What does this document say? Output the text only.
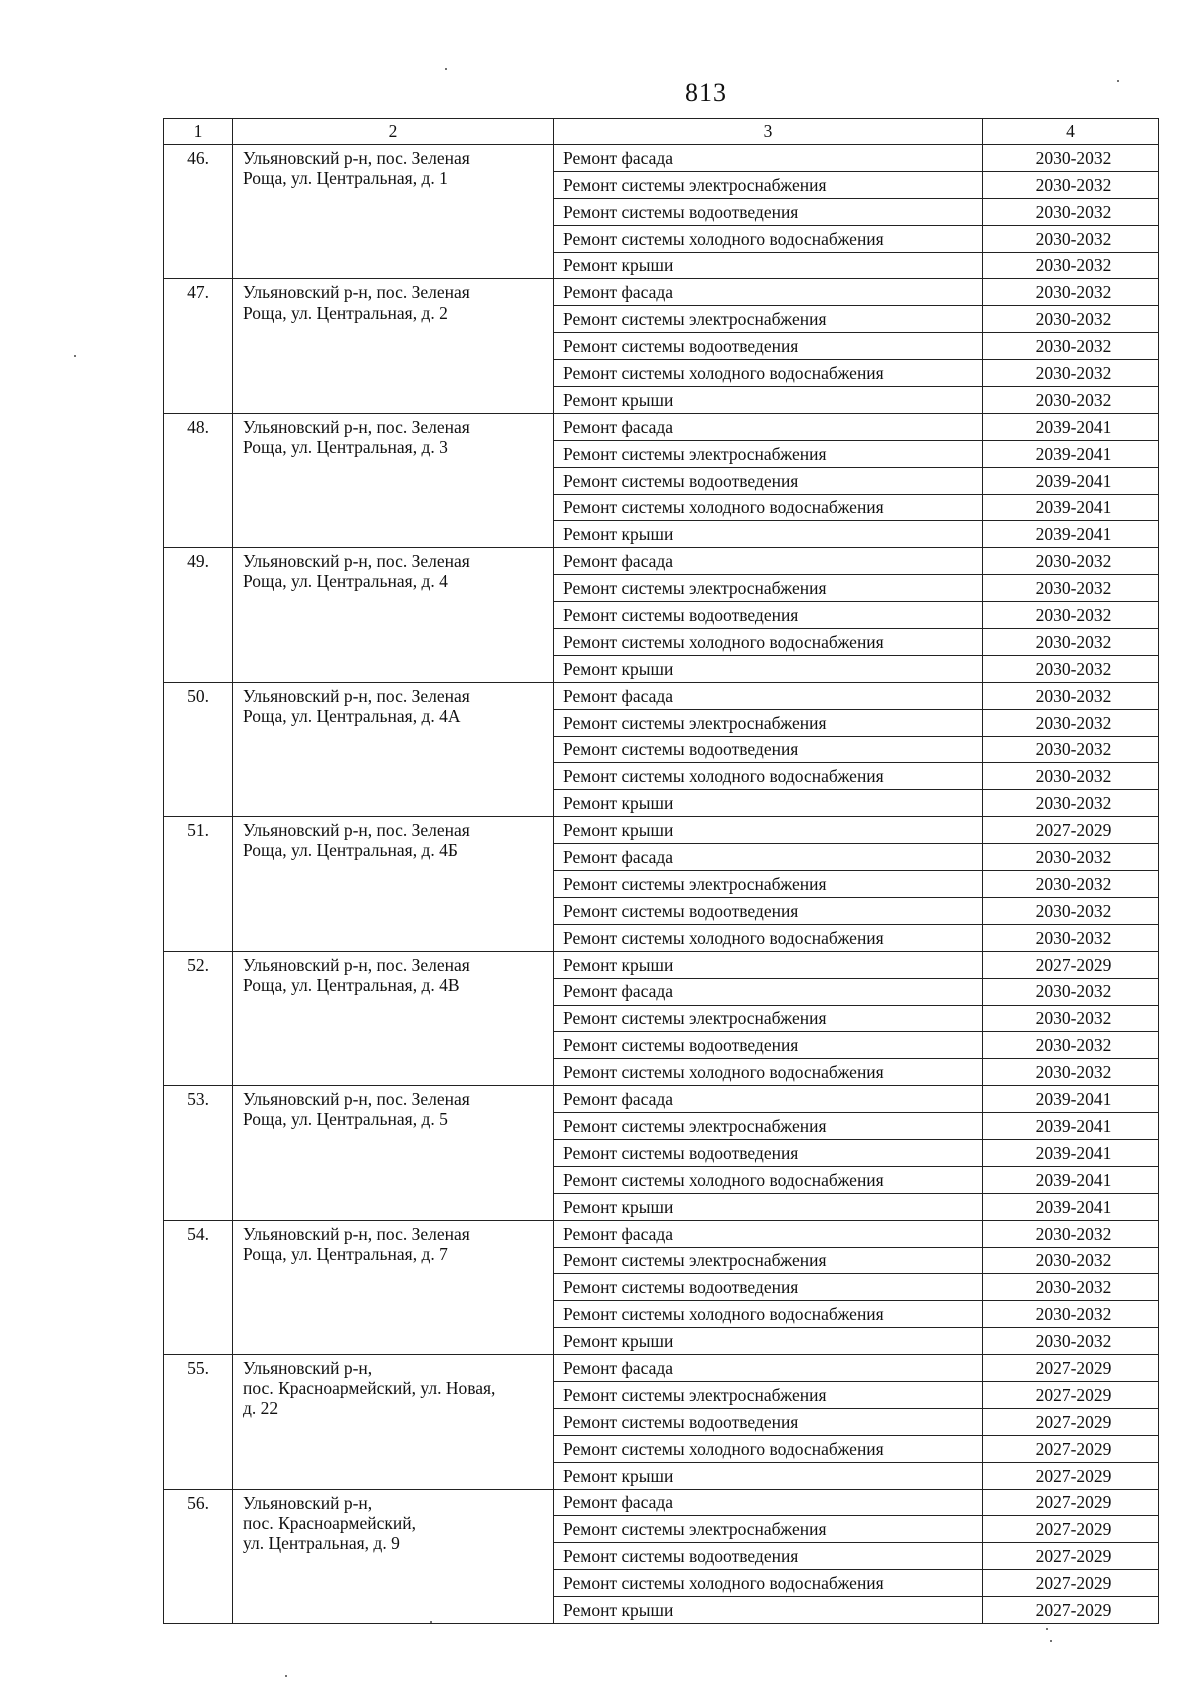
813
1	2	3	4
46.	Ульяновский р-н, пос. Зеленая
Роща, ул. Центральная, д. 1	Ремонт фасада	2030-2032
		Ремонт системы электроснабжения	2030-2032
		Ремонт системы водоотведения	2030-2032
		Ремонт системы холодного водоснабжения	2030-2032
		Ремонт крыши	2030-2032
47.	Ульяновский р-н, пос. Зеленая
Роща, ул. Центральная, д. 2	Ремонт фасада	2030-2032
		Ремонт системы электроснабжения	2030-2032
		Ремонт системы водоотведения	2030-2032
		Ремонт системы холодного водоснабжения	2030-2032
		Ремонт крыши	2030-2032
48.	Ульяновский р-н, пос. Зеленая
Роща, ул. Центральная, д. 3	Ремонт фасада	2039-2041
		Ремонт системы электроснабжения	2039-2041
		Ремонт системы водоотведения	2039-2041
		Ремонт системы холодного водоснабжения	2039-2041
		Ремонт крыши	2039-2041
49.	Ульяновский р-н, пос. Зеленая
Роща, ул. Центральная, д. 4	Ремонт фасада	2030-2032
		Ремонт системы электроснабжения	2030-2032
		Ремонт системы водоотведения	2030-2032
		Ремонт системы холодного водоснабжения	2030-2032
		Ремонт крыши	2030-2032
50.	Ульяновский р-н, пос. Зеленая
Роща, ул. Центральная, д. 4А	Ремонт фасада	2030-2032
		Ремонт системы электроснабжения	2030-2032
		Ремонт системы водоотведения	2030-2032
		Ремонт системы холодного водоснабжения	2030-2032
		Ремонт крыши	2030-2032
51.	Ульяновский р-н, пос. Зеленая
Роща, ул. Центральная, д. 4Б	Ремонт крыши	2027-2029
		Ремонт фасада	2030-2032
		Ремонт системы электроснабжения	2030-2032
		Ремонт системы водоотведения	2030-2032
		Ремонт системы холодного водоснабжения	2030-2032
52.	Ульяновский р-н, пос. Зеленая
Роща, ул. Центральная, д. 4В	Ремонт крыши	2027-2029
		Ремонт фасада	2030-2032
		Ремонт системы электроснабжения	2030-2032
		Ремонт системы водоотведения	2030-2032
		Ремонт системы холодного водоснабжения	2030-2032
53.	Ульяновский р-н, пос. Зеленая
Роща, ул. Центральная, д. 5	Ремонт фасада	2039-2041
		Ремонт системы электроснабжения	2039-2041
		Ремонт системы водоотведения	2039-2041
		Ремонт системы холодного водоснабжения	2039-2041
		Ремонт крыши	2039-2041
54.	Ульяновский р-н, пос. Зеленая
Роща, ул. Центральная, д. 7	Ремонт фасада	2030-2032
		Ремонт системы электроснабжения	2030-2032
		Ремонт системы водоотведения	2030-2032
		Ремонт системы холодного водоснабжения	2030-2032
		Ремонт крыши	2030-2032
55.	Ульяновский р-н,
пос. Красноармейский, ул. Новая,
д. 22	Ремонт фасада	2027-2029
		Ремонт системы электроснабжения	2027-2029
		Ремонт системы водоотведения	2027-2029
		Ремонт системы холодного водоснабжения	2027-2029
		Ремонт крыши	2027-2029
56.	Ульяновский р-н,
пос. Красноармейский,
ул. Центральная, д. 9	Ремонт фасада	2027-2029
		Ремонт системы электроснабжения	2027-2029
		Ремонт системы водоотведения	2027-2029
		Ремонт системы холодного водоснабжения	2027-2029
		Ремонт крыши	2027-2029
